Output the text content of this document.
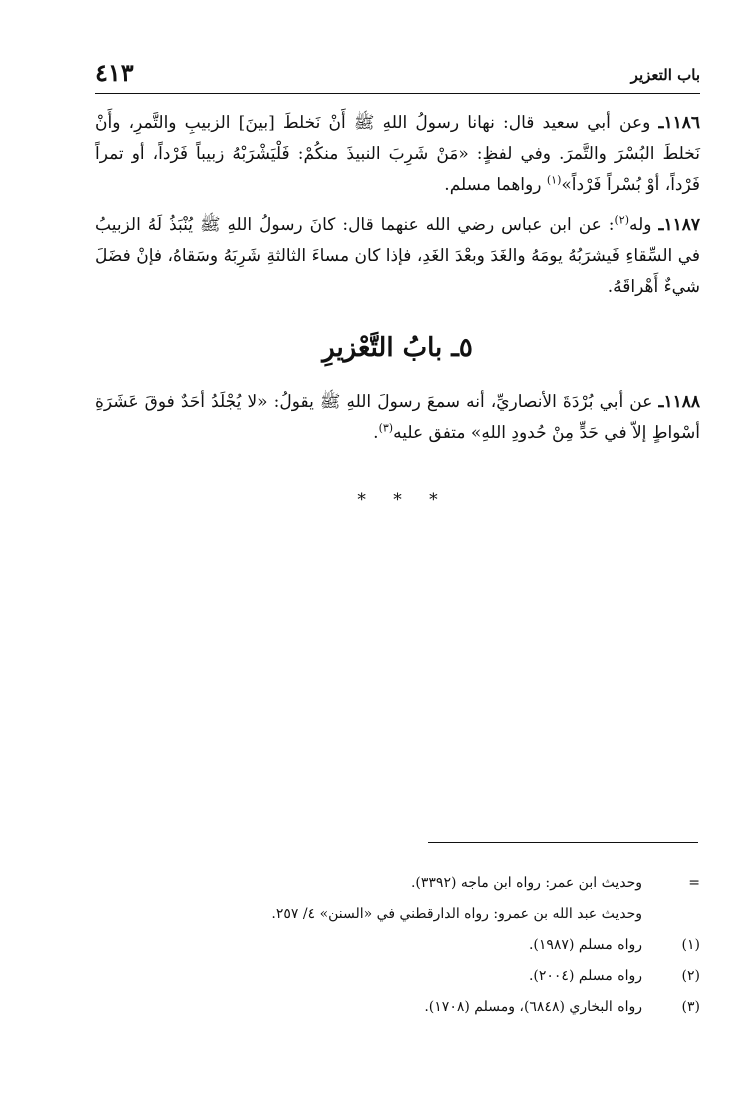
باب التعزير
٤١٣

١١٨٦ـ وعن أبي سعيد قال: نهانا رسولُ اللهِ ﷺ أَنْ نَخلطَ [بينَ] الزبيبِ والتَّمرِ، وأَنْ نَخلطَ البُسْرَ والتَّمرَ. وفي لفظٍ: «مَنْ شَرِبَ النبيذَ منكُمْ: فَلْيَشْرَبْهُ زبيباً فَرْداً، أو تمراً فَرْداً، أوْ بُسْراً فَرْداً»$^{(١)}$ رواهما مسلم.

١١٨٧ـ وله$^{(٢)}$: عن ابن عباس رضي الله عنهما قال: كانَ رسولُ اللهِ ﷺ يُنْبَذُ لَهُ الزبيبُ في السِّقاءِ فَيشرَبُهُ يومَهُ والغَدَ وبعْدَ الغَدِ، فإذا كان مساءَ الثالثةِ شَرِبَهُ وسَقاهُ، فإنْ فضَلَ شيءٌ أَهْراقَهُ.

٥ـ بابُ التَّعْزيرِ

١١٨٨ـ عن أبي بُرْدَةَ الأنصاريِّ، أنه سمعَ رسولَ اللهِ ﷺ يقولُ: «لا يُجْلَدُ أحَدٌ فوقَ عَشَرَةِ أسْواطٍ إلاّ في حَدٍّ مِنْ حُدودِ اللهِ» متفق عليه$^{(٣)}$.

* * *
=
وحديث ابن عمر: رواه ابن ماجه (٣٣٩٢).
وحديث عبد الله بن عمرو: رواه الدارقطني في «السنن» ٤/ ٢٥٧.
(١)
رواه مسلم (١٩٨٧).
(٢)
رواه مسلم (٢٠٠٤).
(٣)
رواه البخاري (٦٨٤٨)، ومسلم (١٧٠٨).
